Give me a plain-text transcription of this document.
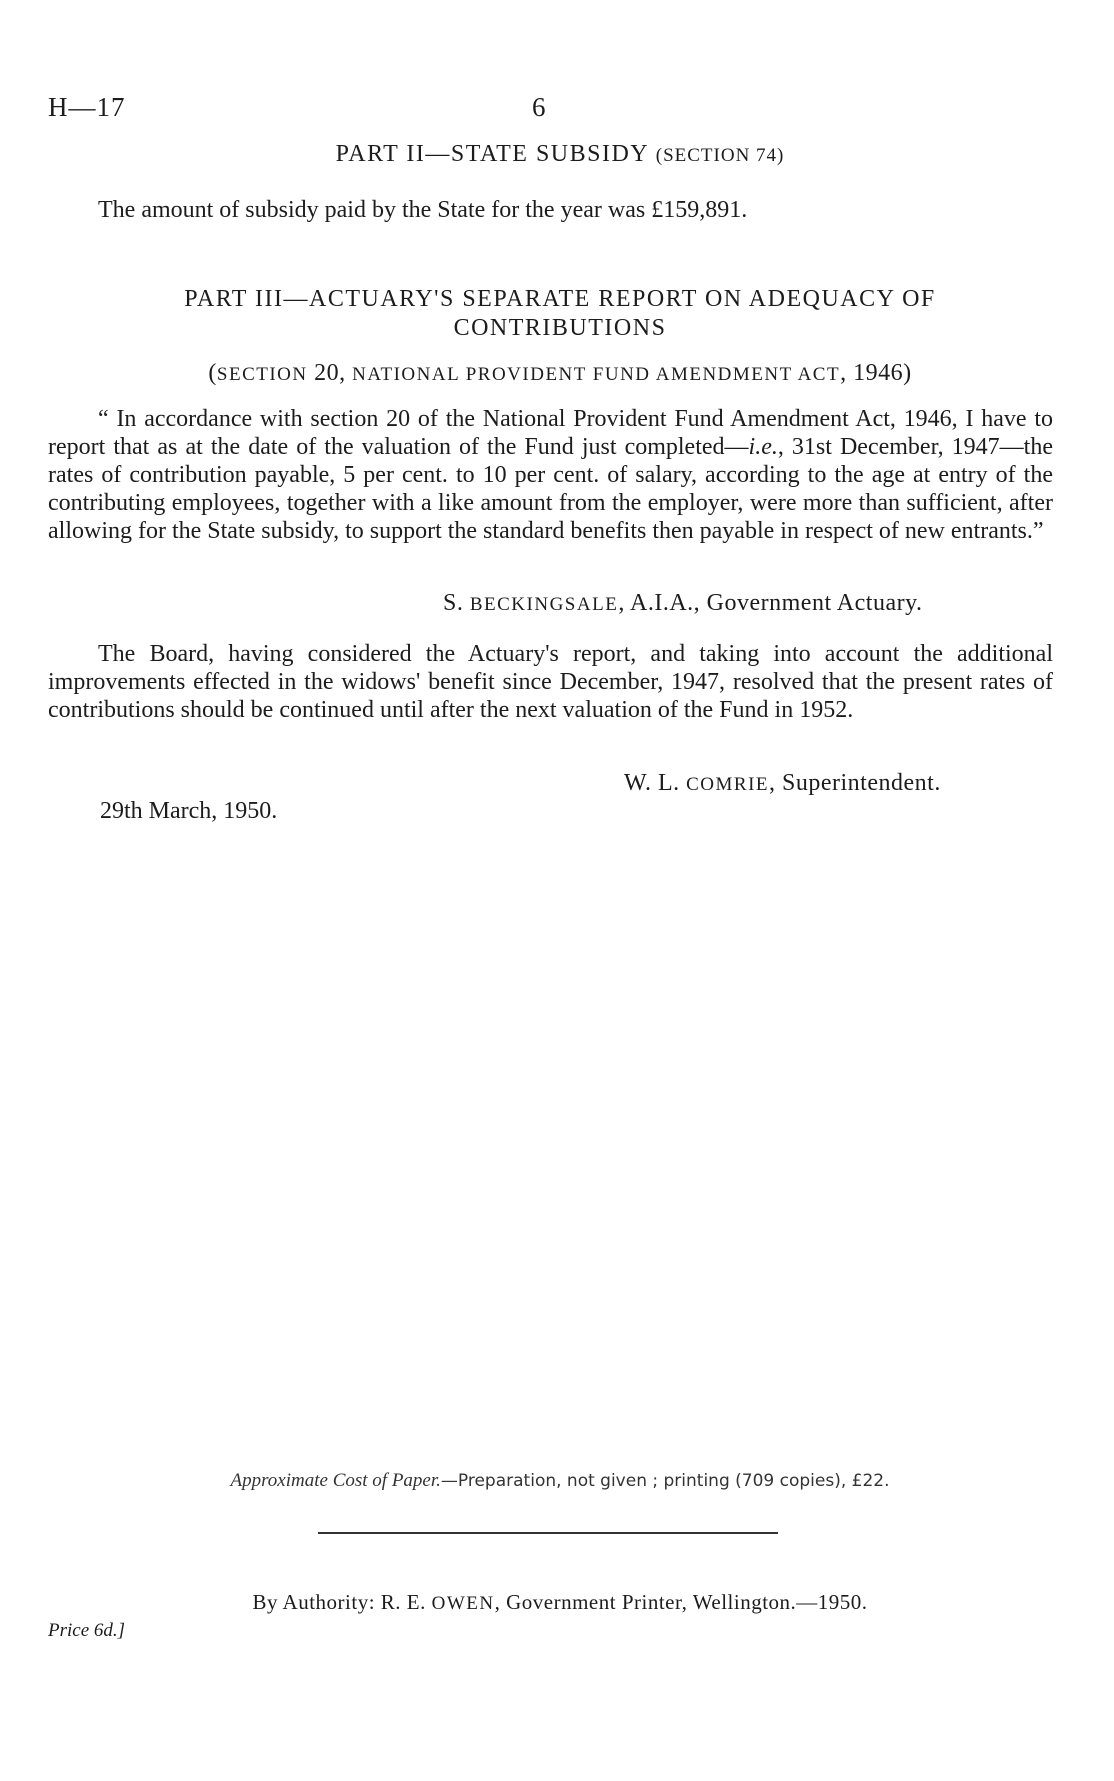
H—17	6
PART II—STATE SUBSIDY (SECTION 74)
The amount of subsidy paid by the State for the year was £159,891.
PART III—ACTUARY'S SEPARATE REPORT ON ADEQUACY OF
CONTRIBUTIONS
(SECTION 20, NATIONAL PROVIDENT FUND AMENDMENT ACT, 1946)
“ In accordance with section 20 of the National Provident Fund Amendment Act, 1946, I have to report that as at the date of the valuation of the Fund just completed—i.e., 31st December, 1947—the rates of contribution payable, 5 per cent. to 10 per cent. of salary, according to the age at entry of the contributing employees, together with a like amount from the employer, were more than sufficient, after allowing for the State subsidy, to support the standard benefits then payable in respect of new entrants.”
S. BECKINGSALE, A.I.A., Government Actuary.
The Board, having considered the Actuary's report, and taking into account the additional improvements effected in the widows' benefit since December, 1947, resolved that the present rates of contributions should be continued until after the next valuation of the Fund in 1952.
W. L. COMRIE, Superintendent.
29th March, 1950.
Approximate Cost of Paper.—Preparation, not given ; printing (709 copies), £22.
By Authority: R. E. OWEN, Government Printer, Wellington.—1950.
Price 6d.]
